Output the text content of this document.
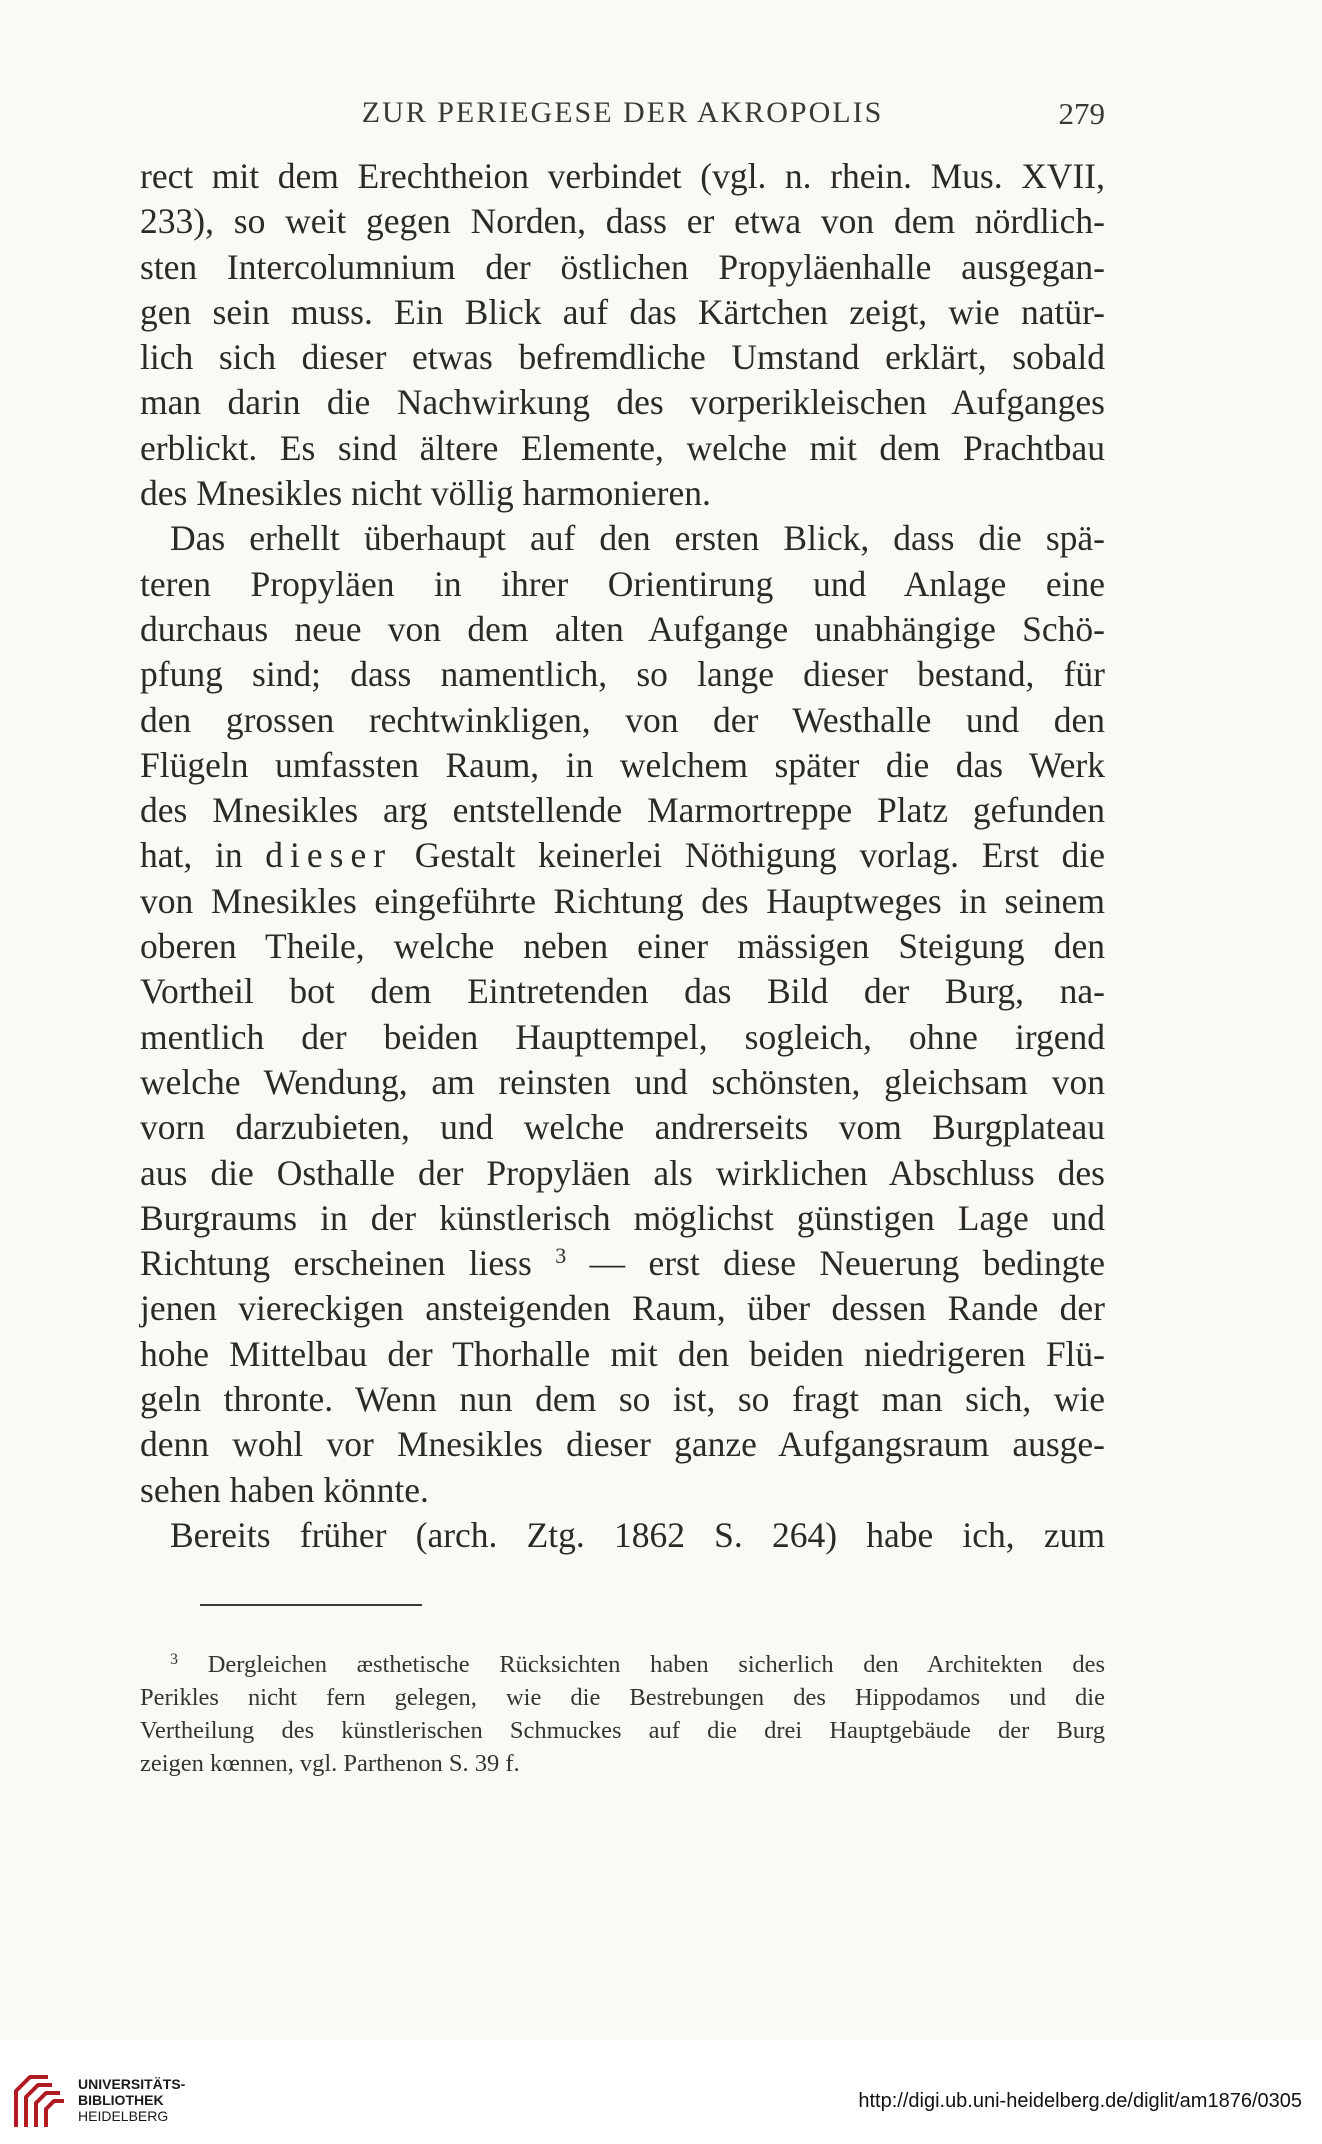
ZUR PERIEGESE DER AKROPOLIS	279
rect mit dem Erechtheion verbindet (vgl. n. rhein. Mus. XVII,
233), so weit gegen Norden, dass er etwa von dem nördlich-
sten Intercolumnium der östlichen Propyläenhalle ausgegan-
gen sein muss. Ein Blick auf das Kärtchen zeigt, wie natür-
lich sich dieser etwas befremdliche Umstand erklärt, sobald
man darin die Nachwirkung des vorperikleischen Aufganges
erblickt. Es sind ältere Elemente, welche mit dem Prachtbau
des Mnesikles nicht völlig harmonieren.
Das erhellt überhaupt auf den ersten Blick, dass die spä-
teren Propyläen in ihrer Orientirung und Anlage eine
durchaus neue von dem alten Aufgange unabhängige Schö-
pfung sind; dass namentlich, so lange dieser bestand, für
den grossen rechtwinkligen, von der Westhalle und den
Flügeln umfassten Raum, in welchem später die das Werk
des Mnesikles arg entstellende Marmortreppe Platz gefunden
hat, in dieser Gestalt keinerlei Nöthigung vorlag. Erst die
von Mnesikles eingeführte Richtung des Hauptweges in seinem
oberen Theile, welche neben einer mässigen Steigung den
Vortheil bot dem Eintretenden das Bild der Burg, na-
mentlich der beiden Haupttempel, sogleich, ohne irgend
welche Wendung, am reinsten und schönsten, gleichsam von
vorn darzubieten, und welche andrerseits vom Burgplateau
aus die Osthalle der Propyläen als wirklichen Abschluss des
Burgraums in der künstlerisch möglichst günstigen Lage und
Richtung erscheinen liess $^3$ — erst diese Neuerung bedingte
jenen viereckigen ansteigenden Raum, über dessen Rande der
hohe Mittelbau der Thorhalle mit den beiden niedrigeren Flü-
geln thronte. Wenn nun dem so ist, so fragt man sich, wie
denn wohl vor Mnesikles dieser ganze Aufgangsraum ausge-
sehen haben könnte.
Bereits früher (arch. Ztg. 1862 S. 264) habe ich, zum
$^3$ Dergleichen æsthetische Rücksichten haben sicherlich den Architekten des
Perikles nicht fern gelegen, wie die Bestrebungen des Hippodamos und die
Vertheilung des künstlerischen Schmuckes auf die drei Hauptgebäude der Burg
zeigen kœnnen, vgl. Parthenon S. 39 f.
UNIVERSITÄTS-
BIBLIOTHEK
HEIDELBERG
http://digi.ub.uni-heidelberg.de/diglit/am1876/0305
